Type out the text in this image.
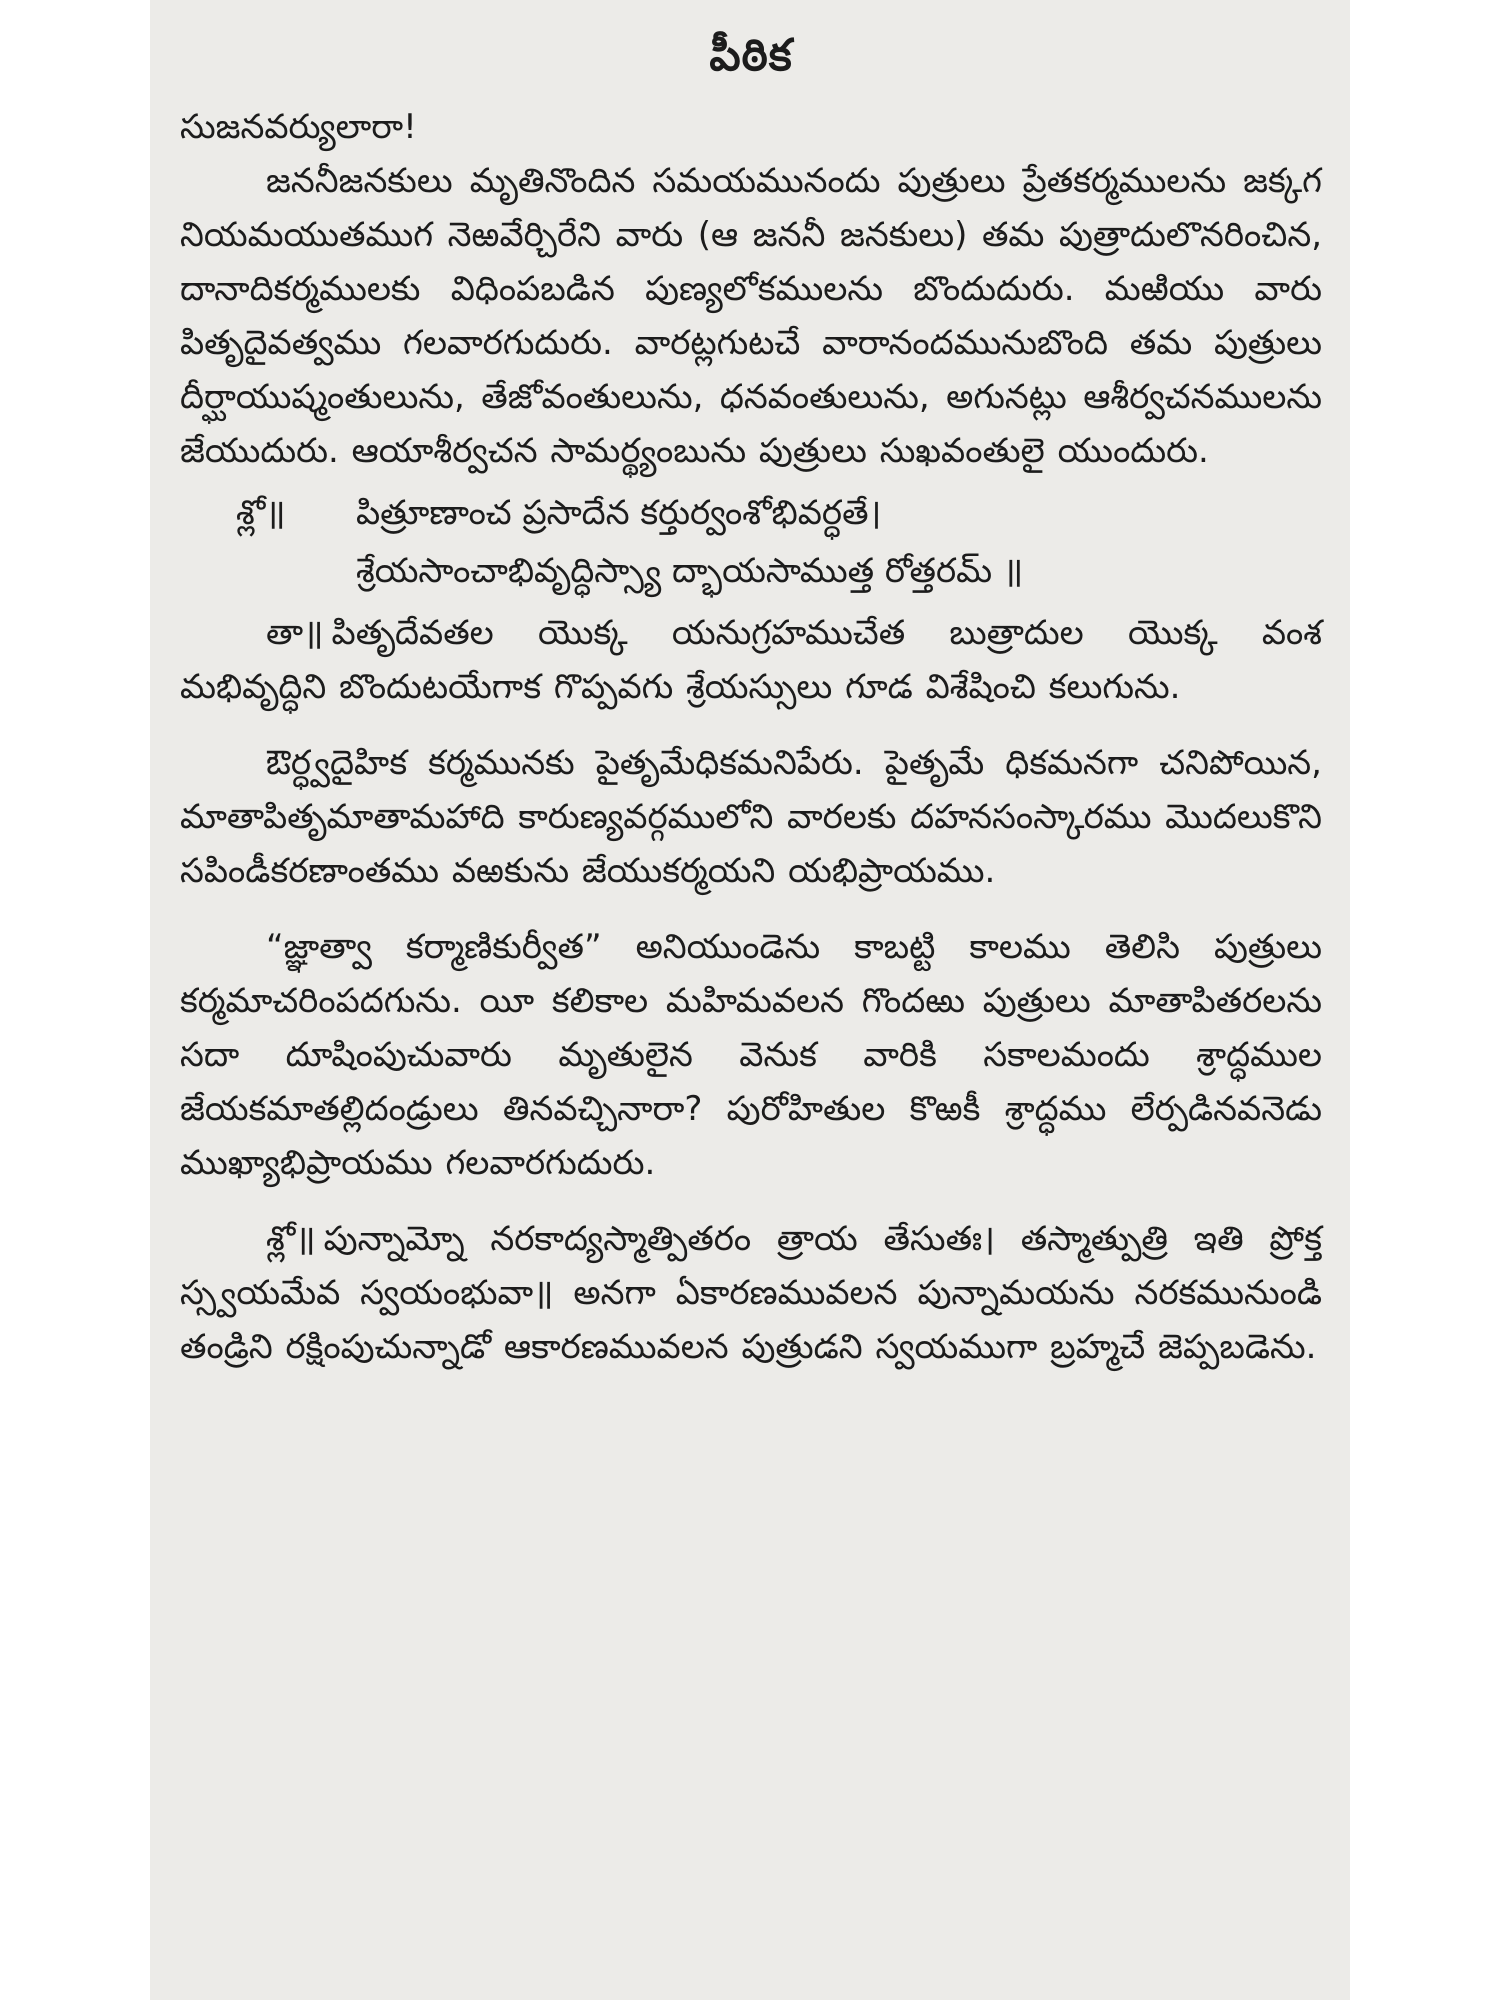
పీఠిక

సుజనవర్యులారా!

జననీజనకులు మృతినొందిన సమయమునందు పుత్రులు ప్రేతకర్మములను జక్కగ నియమయుతముగ నెఱవేర్చిరేని వారు (ఆ జననీ జనకులు) తమ పుత్రాదులొనరించిన, దానాదికర్మములకు విధింపబడిన పుణ్యలోకములను బొందుదురు. మఱియు వారు పితృదైవత్వము గలవారగుదురు. వారట్లగుటచే వారానందమునుబొంది తమ పుత్రులు దీర్ఘాయుష్మంతులును, తేజోవంతులును, ధనవంతులును, అగునట్లు ఆశీర్వచనములను జేయుదురు. ఆయాశీర్వచన సామర్థ్యంబును పుత్రులు సుఖవంతులై యుందురు.

శ్లో॥	పిత్రూణాంచ ప్రసాదేన కర్తుర్వంశోభివర్ధతే।
శ్రేయసాంచాభివృద్ధిస్స్యా ద్భాయసాముత్త రోత్తరమ్ ॥

తా॥ పితృదేవతల యొక్క యనుగ్రహముచేత బుత్రాదుల యొక్క వంశ మభివృద్ధిని బొందుటయేగాక గొప్పవగు శ్రేయస్సులు గూడ విశేషించి కలుగును.

ఔర్ధ్వదైహిక కర్మమునకు పైతృమేధికమనిపేరు. పైతృమే ధికమనగా చనిపోయిన, మాతాపితృమాతామహాది కారుణ్యవర్గములోని వారలకు దహనసంస్కారము మొదలుకొని సపిండీకరణాంతము వఱకును జేయుకర్మయని యభిప్రాయము.

“జ్ఞాత్వా కర్మాణికుర్వీత” అనియుండెను కాబట్టి కాలము తెలిసి పుత్రులు కర్మమాచరింపదగును. యీ కలికాల మహిమవలన గొందఱు పుత్రులు మాతాపితరలను సదా దూషింపుచువారు మృతులైన వెనుక వారికి సకాలమందు శ్రాద్ధముల జేయకమాతల్లిదండ్రులు తినవచ్చినారా? పురోహితుల కొఱకీ శ్రాద్ధము లేర్పడినవనెడు ముఖ్యాభిప్రాయము గలవారగుదురు.

శ్లో॥ పున్నామ్నో నరకాద్యస్మాత్పితరం త్రాయ తేసుతః। తస్మాత్పుత్రి ఇతి ప్రోక్త స్స్వయమేవ స్వయంభువా॥ అనగా ఏకారణమువలన పున్నామయను నరకమునుండి తండ్రిని రక్షింపుచున్నాడో ఆకారణమువలన పుత్రుడని స్వయముగా బ్రహ్మచే జెప్పబడెను.
